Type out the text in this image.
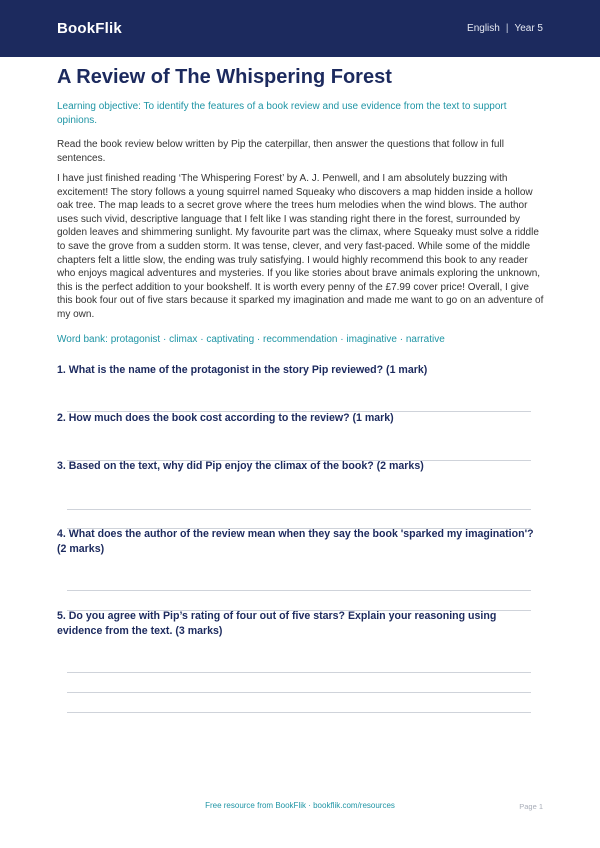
BookFlik	English | Year 5
A Review of The Whispering Forest

Learning objective: To identify the features of a book review and use evidence from the text to support opinions.

Read the book review below written by Pip the caterpillar, then answer the questions that follow in full sentences.

I have just finished reading ‘The Whispering Forest’ by A. J. Penwell, and I am absolutely buzzing with excitement! The story follows a young squirrel named Squeaky who discovers a map hidden inside a hollow oak tree. The map leads to a secret grove where the trees hum melodies when the wind blows. The author uses such vivid, descriptive language that I felt like I was standing right there in the forest, surrounded by golden leaves and shimmering sunlight. My favourite part was the climax, where Squeaky must solve a riddle to save the grove from a sudden storm. It was tense, clever, and very fast-paced. While some of the middle chapters felt a little slow, the ending was truly satisfying. I would highly recommend this book to any reader who enjoys magical adventures and mysteries. If you like stories about brave animals exploring the unknown, this is the perfect addition to your bookshelf. It is worth every penny of the £7.99 cover price! Overall, I give this book four out of five stars because it sparked my imagination and made me want to go on an adventure of my own.

Word bank: protagonist · climax · captivating · recommendation · imaginative · narrative

1. What is the name of the protagonist in the story Pip reviewed? (1 mark)

2. How much does the book cost according to the review? (1 mark)

3. Based on the text, why did Pip enjoy the climax of the book? (2 marks)

4. What does the author of the review mean when they say the book 'sparked my imagination'? (2 marks)

5. Do you agree with Pip’s rating of four out of five stars? Explain your reasoning using evidence from the text. (3 marks)

Free resource from BookFlik · bookflik.com/resources	Page 1
